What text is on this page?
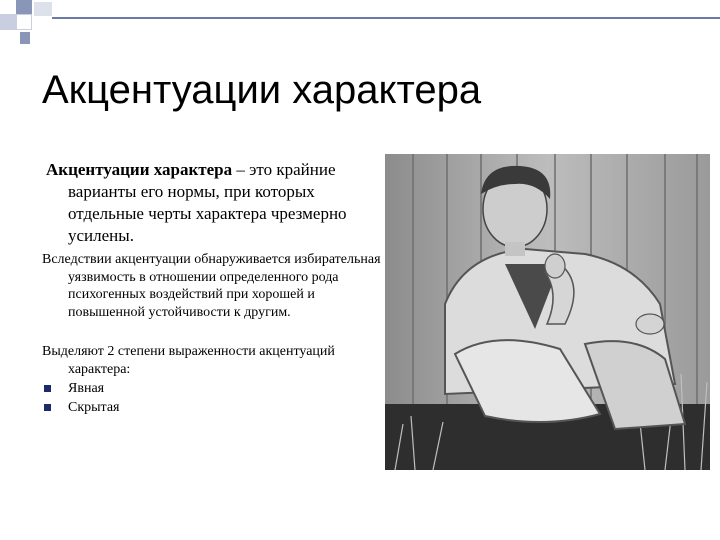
Акцентуации характера

Акцентуации характера – это крайние варианты его нормы, при которых отдельные черты характера чрезмерно усилены.

Вследствии акцентуации обнаруживается избирательная уязвимость в отношении определенного рода психогенных воздействий при хорошей и повышенной устойчивости к другим.

Выделяют 2 степени выраженности акцентуаций
характера:

Явная
Скрытая
